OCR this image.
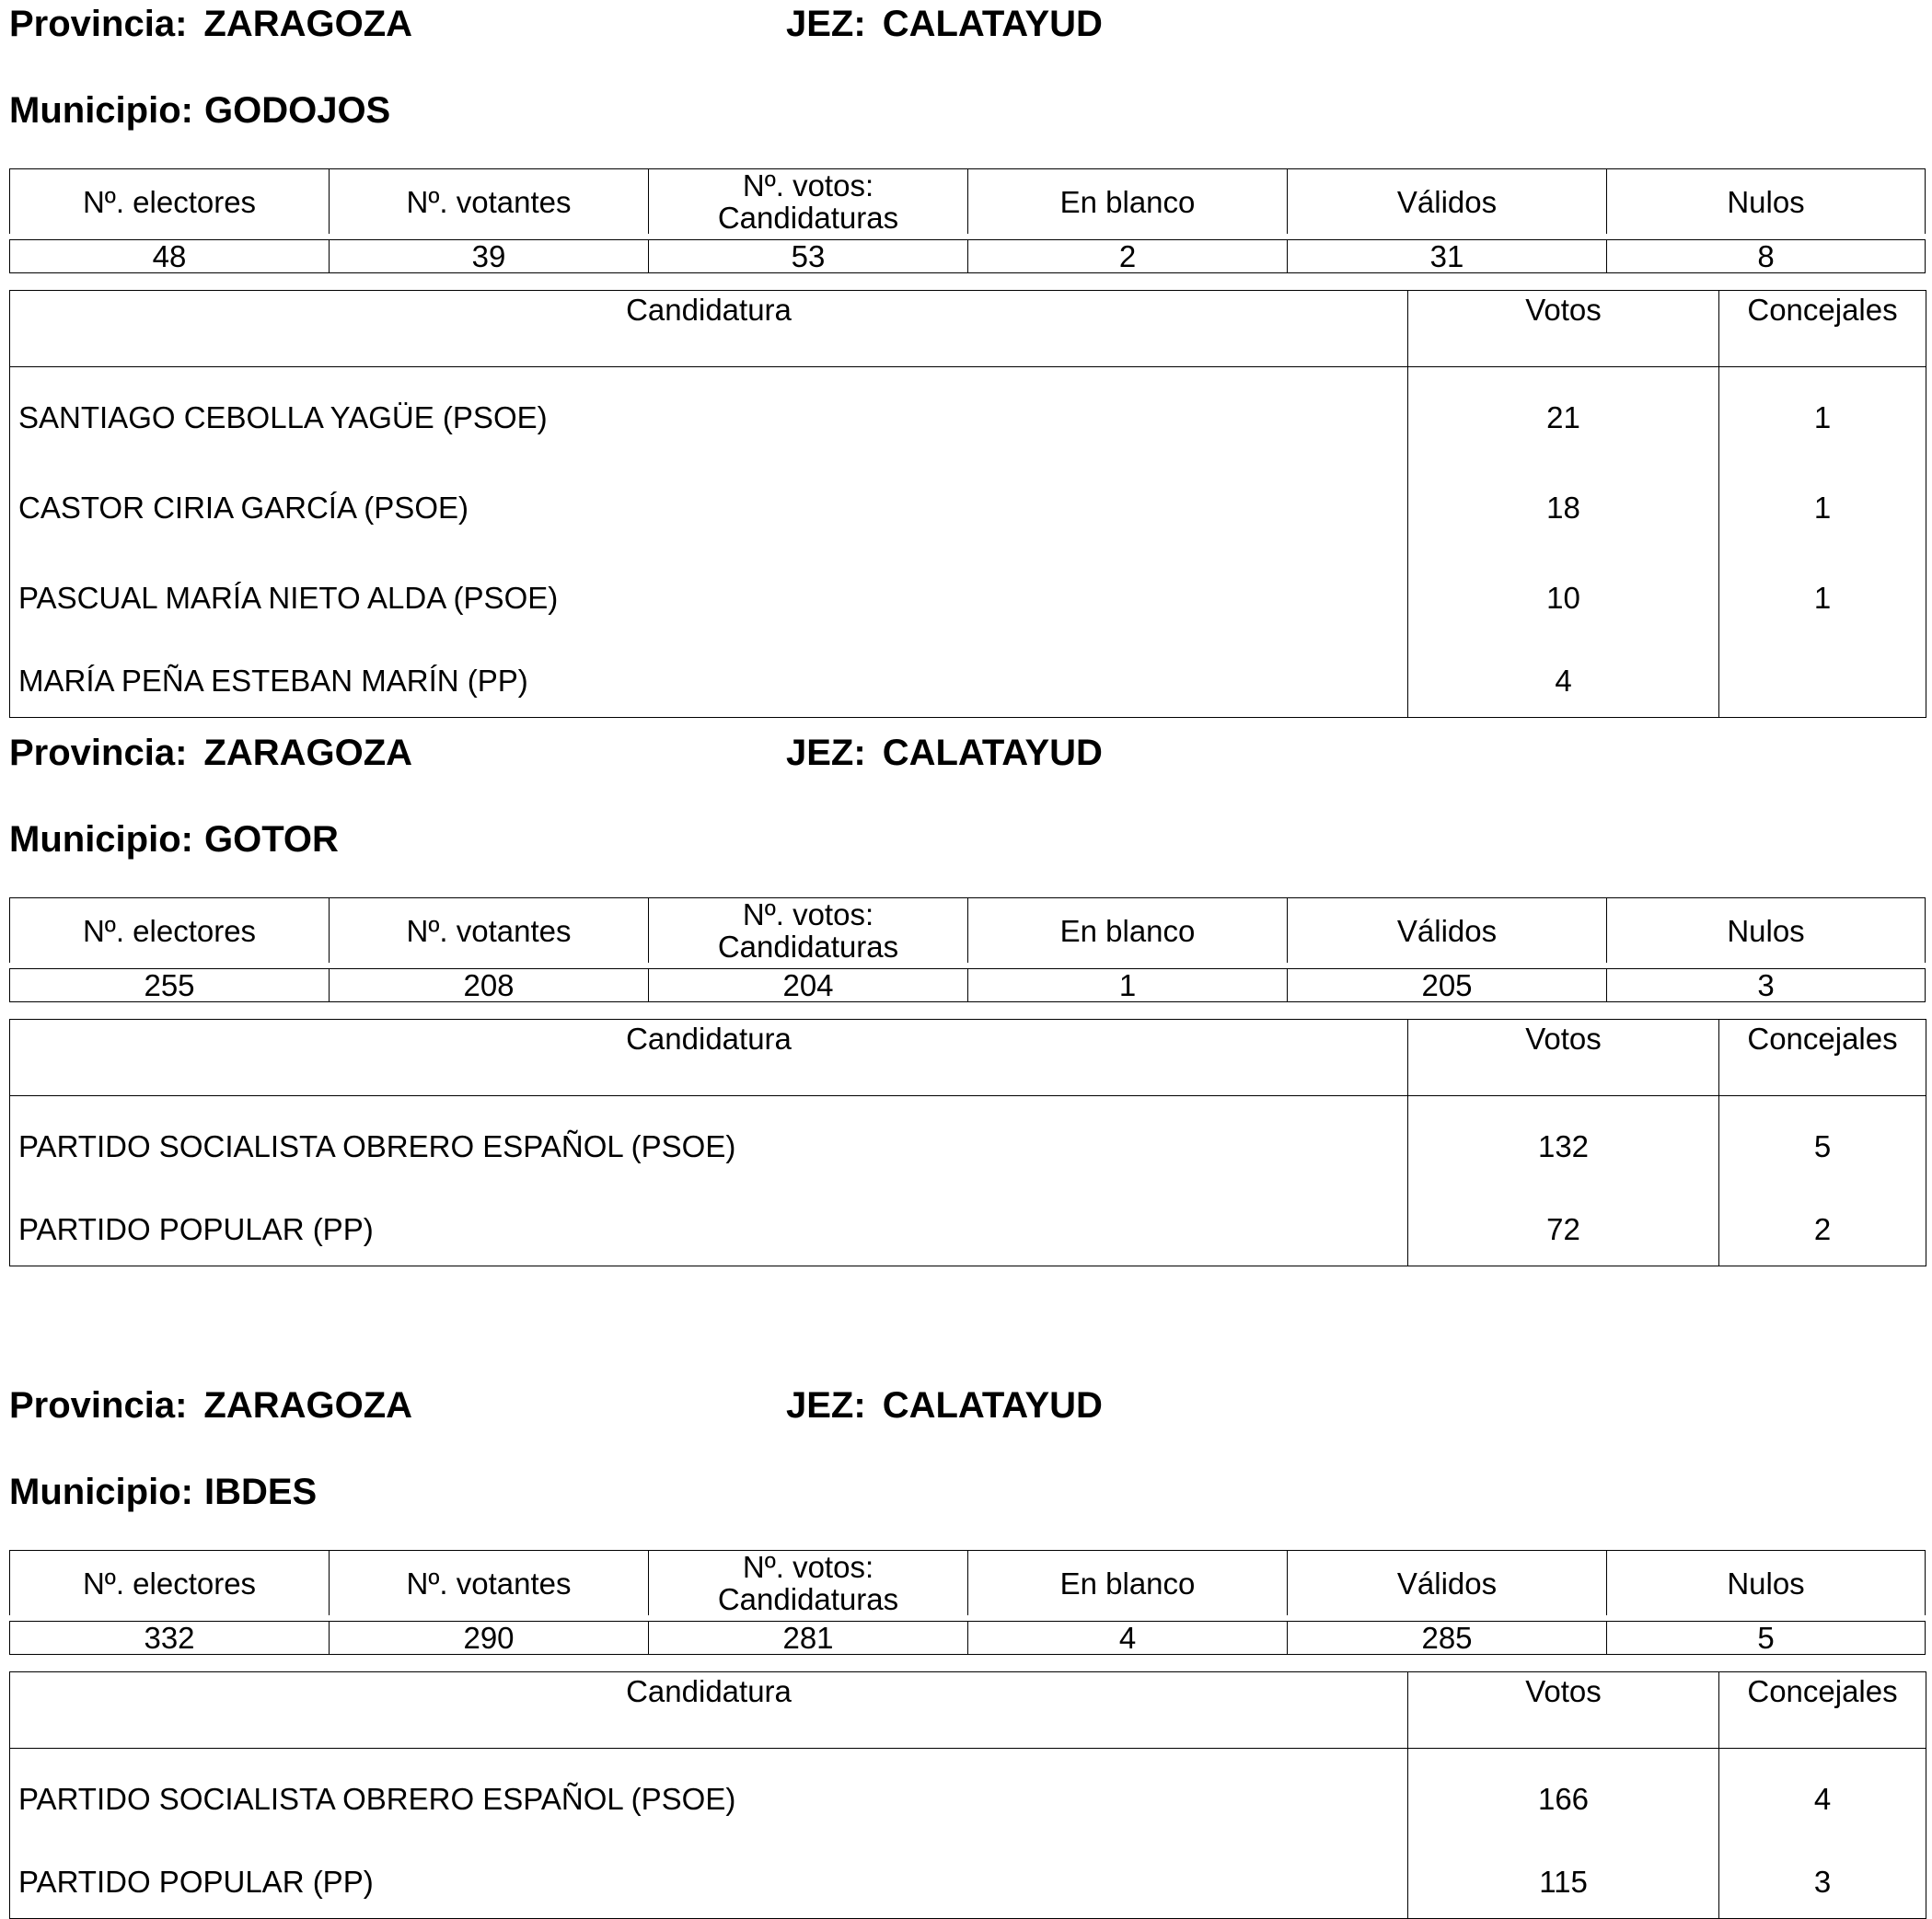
Provincia: ZARAGOZA	JEZ: CALATAYUD
Municipio: GODOJOS
Nº. electores	Nº. votantes	Nº. votos: Candidaturas	En blanco	Válidos	Nulos

48	39	53	2	31	8
Candidatura	Votos	Concejales
SANTIAGO CEBOLLA YAGÜE (PSOE)	21	1
CASTOR CIRIA GARCÍA (PSOE)	18	1
PASCUAL MARÍA NIETO ALDA (PSOE)	10	1
MARÍA PEÑA ESTEBAN MARÍN (PP)	4	
Provincia: ZARAGOZA	JEZ: CALATAYUD
Municipio: GOTOR
Nº. electores	Nº. votantes	Nº. votos: Candidaturas	En blanco	Válidos	Nulos

255	208	204	1	205	3
Candidatura	Votos	Concejales
PARTIDO SOCIALISTA OBRERO ESPAÑOL (PSOE)	132	5
PARTIDO POPULAR (PP)	72	2
Provincia: ZARAGOZA	JEZ: CALATAYUD
Municipio: IBDES
Nº. electores	Nº. votantes	Nº. votos: Candidaturas	En blanco	Válidos	Nulos

332	290	281	4	285	5
Candidatura	Votos	Concejales
PARTIDO SOCIALISTA OBRERO ESPAÑOL (PSOE)	166	4
PARTIDO POPULAR (PP)	115	3
